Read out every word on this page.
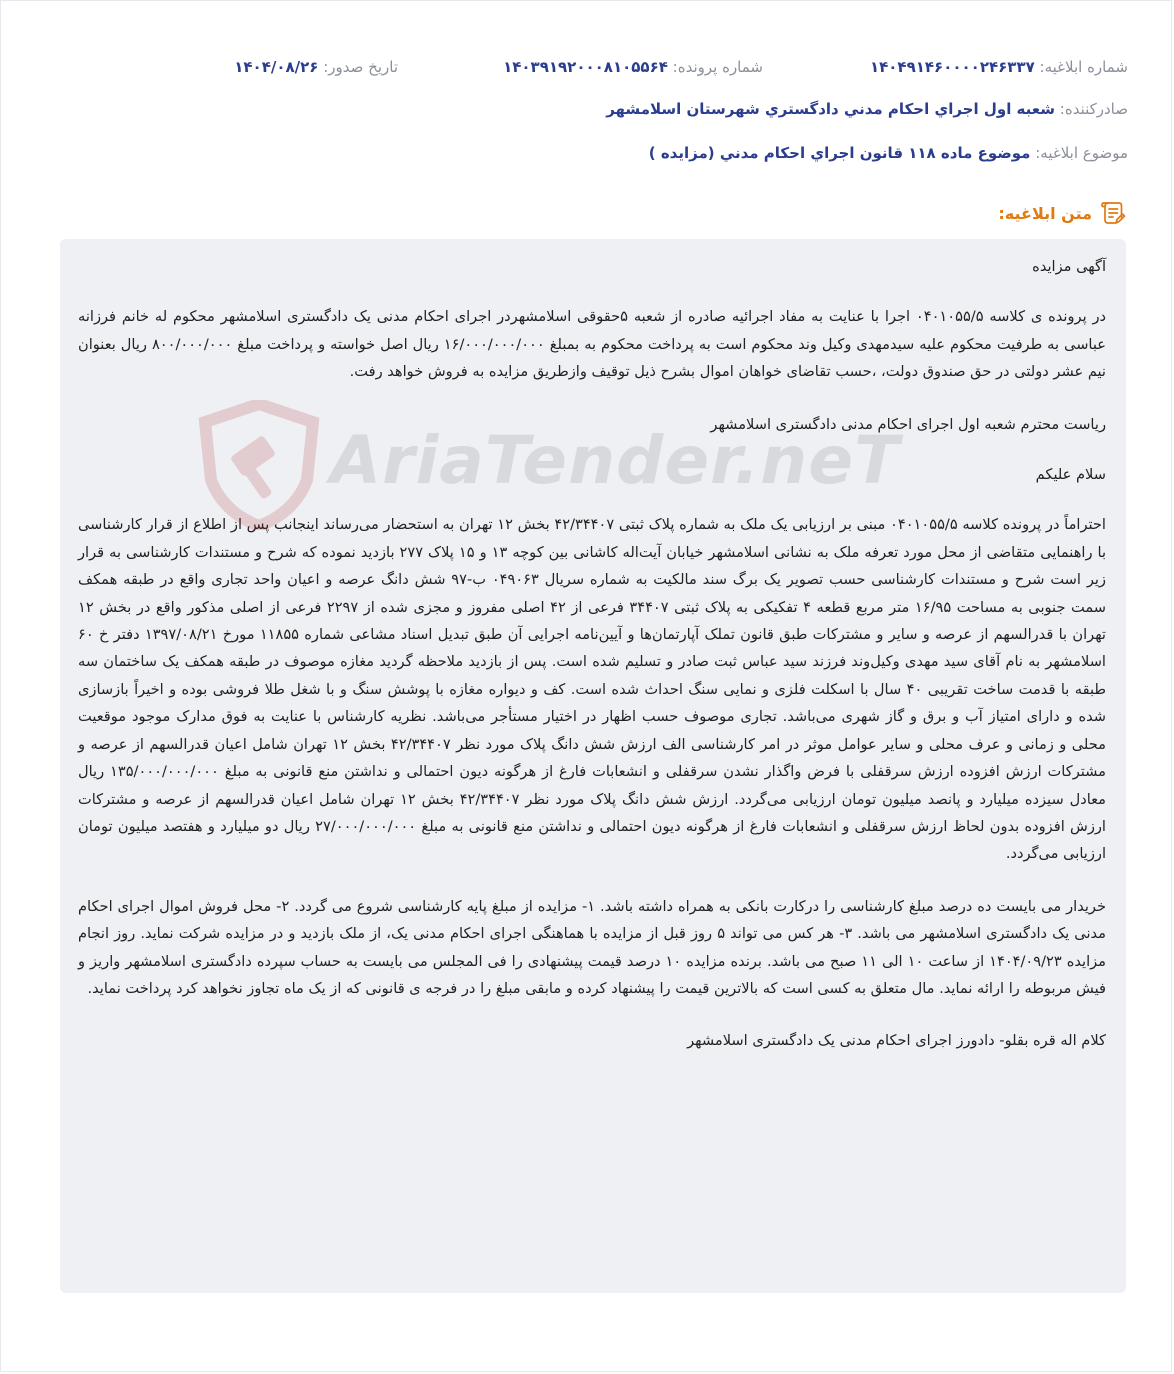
شماره ابلاغیه: ۱۴۰۴۹۱۴۶۰۰۰۰۲۴۶۳۳۷
شماره پرونده: ۱۴۰۳۹۱۹۲۰۰۰۸۱۰۵۵۶۴
تاریخ صدور: ۱۴۰۴/۰۸/۲۶
صادرکننده: شعبه اول اجراي احکام مدني دادگستري شهرستان اسلامشهر
موضوع ابلاغیه: موضوع ماده ۱۱۸ قانون اجراي احکام مدني (مزايده )
متن ابلاغیه:

آگهی مزایده

در پرونده ی کلاسه ۰۴۰۱۰۵۵/۵ اجرا با عنایت به مفاد اجرائیه صادره از شعبه ۵حقوقی اسلامشهردر اجرای احکام مدنی یک دادگستری اسلامشهر محکوم له خانم فرزانه عباسی به طرفیت محکوم علیه سیدمهدی وکیل وند محکوم است به پرداخت محکوم به بمبلغ ۱۶/۰۰۰/۰۰۰/۰۰۰ ریال اصل خواسته و پرداخت مبلغ ۸۰۰/۰۰۰/۰۰۰ ریال بعنوان نیم عشر دولتی در حق صندوق دولت، ،حسب تقاضای خواهان اموال بشرح ذیل توقیف وازطریق مزایده به فروش خواهد رفت.

ریاست محترم شعبه اول اجرای احکام مدنی دادگستری اسلامشهر

سلام علیکم

احتراماً در پرونده کلاسه ۰۴۰۱۰۵۵/۵ مبنی بر ارزیابی یک ملک به شماره پلاک ثبتی ۴۲/۳۴۴۰۷ بخش ۱۲ تهران به استحضار می‌رساند اینجانب پس از اطلاع از قرار کارشناسی با راهنمایی متقاضی از محل مورد تعرفه ملک به نشانی اسلامشهر خیابان آیت‌اله کاشانی بین کوچه ۱۳ و ۱۵ پلاک ۲۷۷ بازدید نموده که شرح و مستندات کارشناسی به قرار زیر است شرح و مستندات کارشناسی حسب تصویر یک برگ سند مالکیت به شماره سریال ۰۴۹۰۶۳ ب-۹۷ شش دانگ عرصه و اعیان واحد تجاری واقع در طبقه همکف سمت جنوبی به مساحت ۱۶/۹۵ متر مربع قطعه ۴ تفکیکی به پلاک ثبتی ۳۴۴۰۷ فرعی از ۴۲ اصلی مفروز و مجزی شده از ۲۲۹۷ فرعی از اصلی مذکور واقع در بخش ۱۲ تهران با قدرالسهم از عرصه و سایر و مشترکات طبق قانون تملک آپارتمان‌ها و آیین‌نامه اجرایی آن طبق تبدیل اسناد مشاعی شماره ۱۱۸۵۵ مورخ ۱۳۹۷/۰۸/۲۱ دفتر خ ۶۰ اسلامشهر به نام آقای سید مهدی وکیل‌وند فرزند سید عباس ثبت صادر و تسلیم شده است. پس از بازدید ملاحظه گردید مغازه موصوف در طبقه همکف یک ساختمان سه طبقه با قدمت ساخت تقریبی ۴۰ سال با اسکلت فلزی و نمایی سنگ احداث شده است. کف و دیواره مغازه با پوشش سنگ و با شغل طلا فروشی بوده و اخیراً بازسازی شده و دارای امتیاز آب و برق و گاز شهری می‌باشد. تجاری موصوف حسب اظهار در اختیار مستأجر می‌باشد. نظریه کارشناس با عنایت به فوق مدارک موجود موقعیت محلی و زمانی و عرف محلی و سایر عوامل موثر در امر کارشناسی الف ارزش شش دانگ پلاک مورد نظر ۴۲/۳۴۴۰۷ بخش ۱۲ تهران شامل اعیان قدرالسهم از عرصه و مشترکات ارزش افزوده ارزش سرقفلی با فرض واگذار نشدن سرقفلی و انشعابات فارغ از هرگونه دیون احتمالی و نداشتن منع قانونی به مبلغ ۱۳۵/۰۰۰/۰۰۰/۰۰۰ ریال معادل سیزده میلیارد و پانصد میلیون تومان ارزیابی می‌گردد. ارزش شش دانگ پلاک مورد نظر ۴۲/۳۴۴۰۷ بخش ۱۲ تهران شامل اعیان قدرالسهم از عرصه و مشترکات ارزش افزوده بدون لحاظ ارزش سرقفلی و انشعابات فارغ از هرگونه دیون احتمالی و نداشتن منع قانونی به مبلغ ۲۷/۰۰۰/۰۰۰/۰۰۰ ریال دو میلیارد و هفتصد میلیون تومان ارزیابی می‌گردد.

خریدار می بایست ده درصد مبلغ کارشناسی را درکارت بانکی به همراه داشته باشد. ۱- مزایده از مبلغ پایه کارشناسی شروع می گردد. ۲- محل فروش اموال اجرای احکام مدنی یک دادگستری اسلامشهر می باشد. ۳- هر کس می تواند ۵ روز قبل از مزایده با هماهنگی اجرای احکام مدنی یک، از ملک بازدید و در مزایده شرکت نماید. روز انجام مزایده ۱۴۰۴/۰۹/۲۳ از ساعت ۱۰ الی ۱۱ صبح می باشد. برنده مزایده ۱۰ درصد قیمت پیشنهادی را فی المجلس می بایست به حساب سپرده دادگستری اسلامشهر واریز و فیش مربوطه را ارائه نماید. مال متعلق به کسی است که بالاترین قیمت را پیشنهاد کرده و مابقی مبلغ را در فرجه ی قانونی که از یک ماه تجاوز نخواهد کرد پرداخت نماید.

کلام اله قره بقلو- دادورز اجرای احکام مدنی یک دادگستری اسلامشهر
